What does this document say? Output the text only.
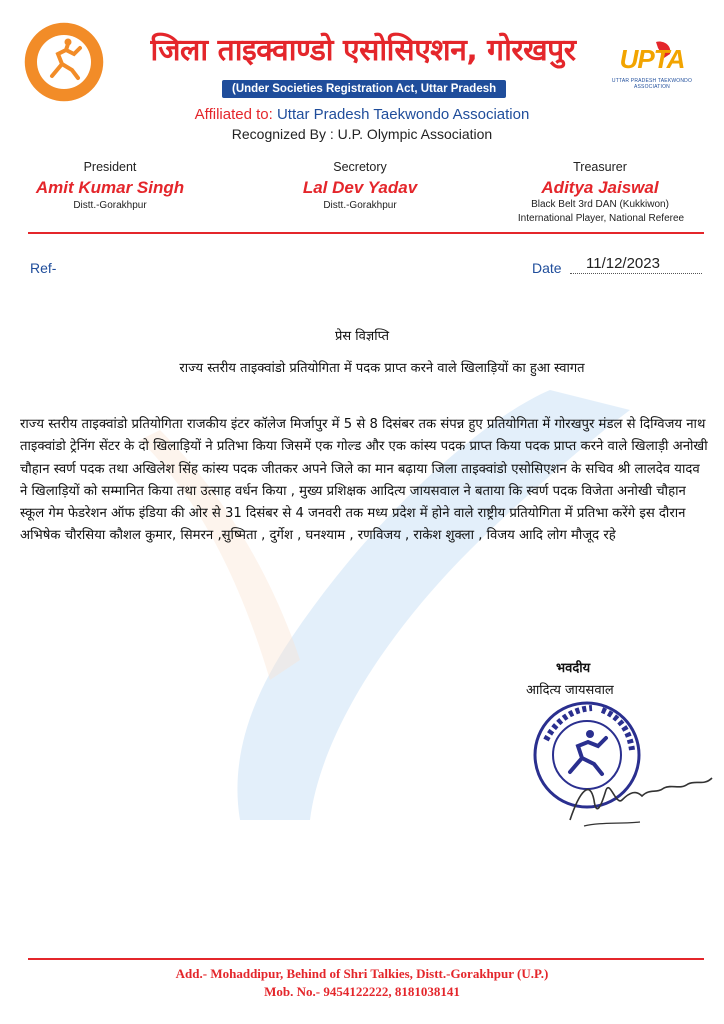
जिला ताइक्वाण्डो एसोसिएशन, गोरखपुर
(Under Societies Registration Act, Uttar Pradesh
UPTA
UTTAR PRADESH TAEKWONDO ASSOCIATION
Affiliated to: Uttar Pradesh Taekwondo Association
Recognized By : U.P. Olympic Association
President
Amit Kumar Singh
Distt.-Gorakhpur
Secretory
Lal Dev Yadav
Distt.-Gorakhpur
Treasurer
Aditya Jaiswal
Black Belt 3rd DAN (Kukkiwon)
International Player, National Referee
Ref-	Date 11/12/2023
प्रेस विज्ञप्ति
राज्य स्तरीय ताइक्वांडो प्रतियोगिता में पदक प्राप्त करने वाले खिलाड़ियों का हुआ स्वागत
राज्य स्तरीय ताइक्वांडो प्रतियोगिता राजकीय इंटर कॉलेज मिर्जापुर में 5 से 8 दिसंबर तक संपन्न हुए प्रतियोगिता में गोरखपुर मंडल से दिग्विजय नाथ ताइक्वांडो ट्रेनिंग सेंटर के दो खिलाड़ियों ने प्रतिभा किया जिसमें एक गोल्ड और एक कांस्य पदक प्राप्त किया पदक प्राप्त करने वाले खिलाड़ी अनोखी चौहान स्वर्ण पदक तथा अखिलेश सिंह कांस्य पदक जीतकर अपने जिले का मान बढ़ाया जिला ताइक्वांडो एसोसिएशन के सचिव श्री लालदेव यादव ने खिलाड़ियों को सम्मानित किया तथा उत्साह वर्धन किया , मुख्य प्रशिक्षक आदित्य जायसवाल ने बताया कि स्वर्ण पदक विजेता अनोखी चौहान स्कूल गेम फेडरेशन ऑफ इंडिया की ओर से 31 दिसंबर से 4 जनवरी तक मध्य प्रदेश में होने वाले राष्ट्रीय प्रतियोगिता में प्रतिभा करेंगे इस दौरान अभिषेक चौरसिया कौशल कुमार, सिमरन ,सुष्मिता , दुर्गेश , घनश्याम , रणविजय , राकेश शुक्ला , विजय आदि लोग मौजूद रहे
भवदीय
आदित्य जायसवाल
Add.- Mohaddipur, Behind of Shri Talkies, Distt.-Gorakhpur (U.P.)
Mob. No.- 9454122222, 8181038141
